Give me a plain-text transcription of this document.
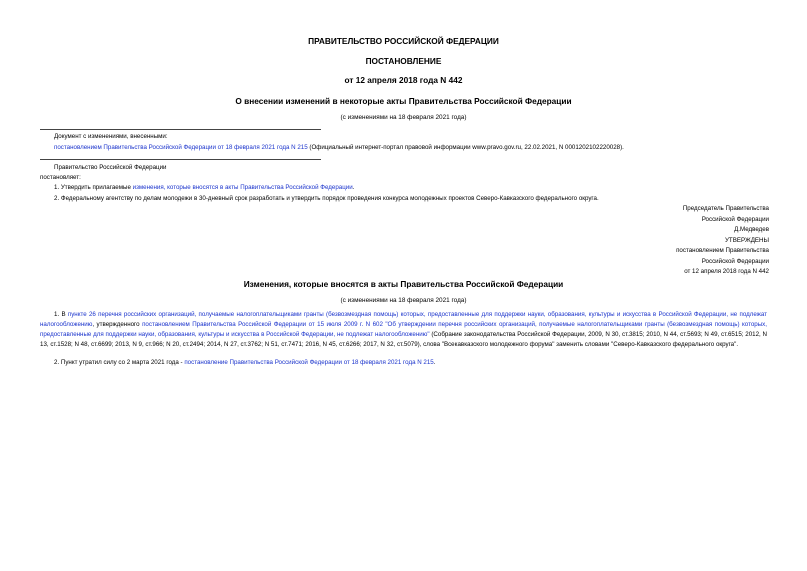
ПРАВИТЕЛЬСТВО РОССИЙСКОЙ ФЕДЕРАЦИИ
ПОСТАНОВЛЕНИЕ
от 12 апреля 2018 года N 442
О внесении изменений в некоторые акты Правительства Российской Федерации
(с изменениями на 18 февраля 2021 года)
Документ с изменениями, внесенными:
постановлением Правительства Российской Федерации от 18 февраля 2021 года N 215 (Официальный интернет-портал правовой информации www.pravo.gov.ru, 22.02.2021, N 0001202102220028).
Правительство Российской Федерации
постановляет:
1. Утвердить прилагаемые изменения, которые вносятся в акты Правительства Российской Федерации.
2. Федеральному агентству по делам молодежи в 30-дневный срок разработать и утвердить порядок проведения конкурса молодежных проектов Северо-Кавказского федерального округа.
Председатель Правительства
Российской Федерации
Д.Медведев
УТВЕРЖДЕНЫ
постановлением Правительства
Российской Федерации
от 12 апреля 2018 года N 442
Изменения, которые вносятся в акты Правительства Российской Федерации
(с изменениями на 18 февраля 2021 года)
1. В пункте 26 перечня российских организаций, получаемые налогоплательщиками гранты (безвозмездная помощь) которых, предоставленные для поддержки науки, образования, культуры и искусства в Российской Федерации, не подлежат налогообложению, утвержденного постановлением Правительства Российской Федерации от 15 июля 2009 г. N 602 "Об утверждении перечня российских организаций, получаемые налогоплательщиками гранты (безвозмездная помощь) которых, предоставленные для поддержки науки, образования, культуры и искусства в Российской Федерации, не подлежат налогообложению" (Собрание законодательства Российской Федерации, 2009, N 30, ст.3815; 2010, N 44, ст.5693; N 49, ст.6515; 2012, N 13, ст.1528; N 48, ст.6699; 2013, N 9, ст.966; N 20, ст.2494; 2014, N 27, ст.3762; N 51, ст.7471; 2016, N 45, ст.6266; 2017, N 32, ст.5079), слова "Всекавказского молодежного форума" заменить словами "Северо-Кавказского федерального округа".
2. Пункт утратил силу со 2 марта 2021 года - постановление Правительства Российской Федерации от 18 февраля 2021 года N 215.
